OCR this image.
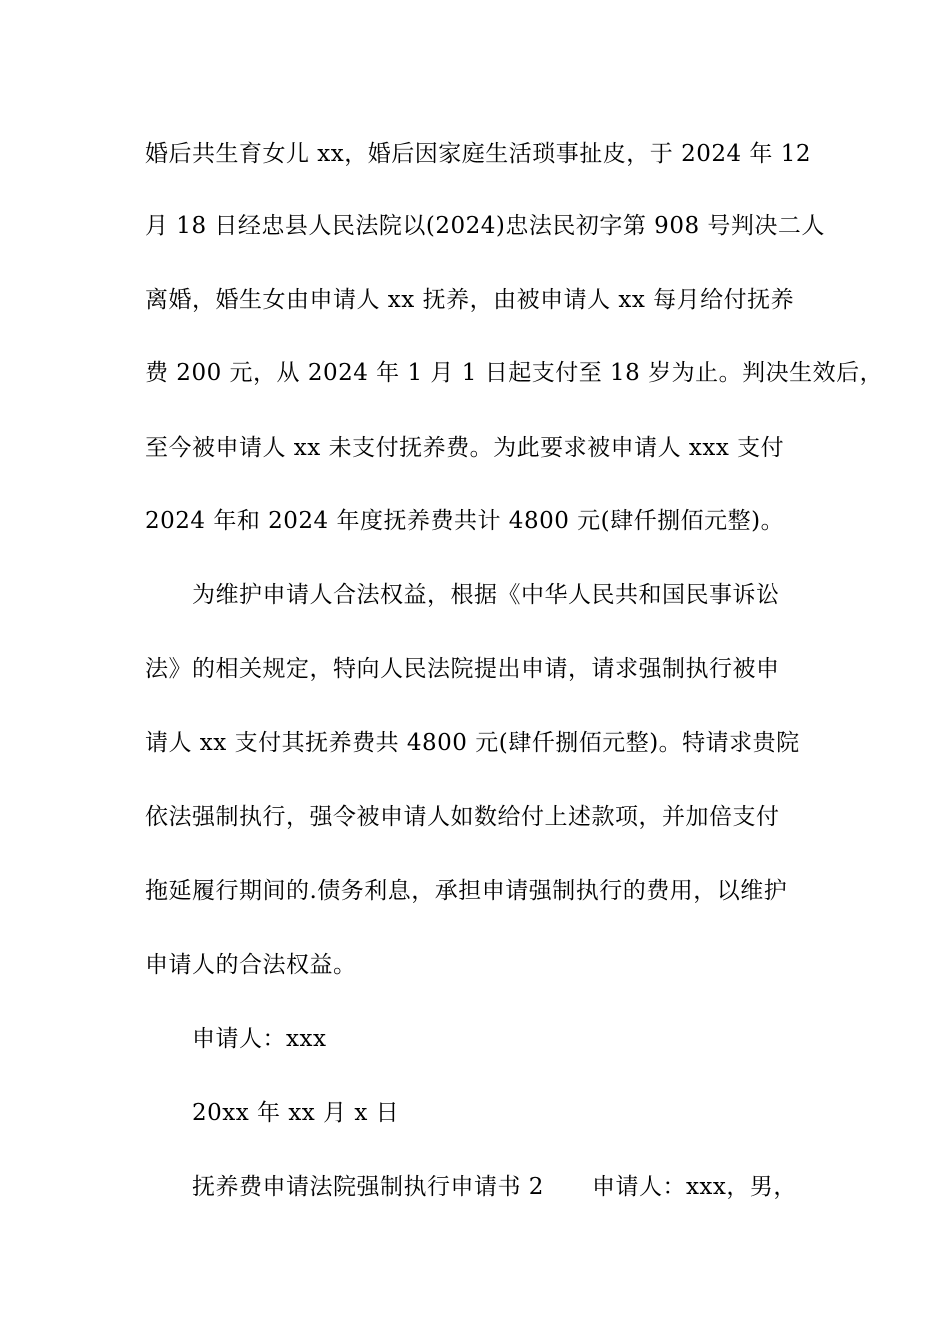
婚后共生育女儿 xx，婚后因家庭生活琐事扯皮，于 2024 年 12
月 18 日经忠县人民法院以(2024)忠法民初字第 908 号判决二人
离婚，婚生女由申请人 xx 抚养，由被申请人 xx 每月给付抚养
费 200 元，从 2024 年 1 月 1 日起支付至 18 岁为止。判决生效后，
至今被申请人 xx 未支付抚养费。为此要求被申请人 xxx 支付
2024 年和 2024 年度抚养费共计 4800 元(肆仟捌佰元整)。
为维护申请人合法权益，根据《中华人民共和国民事诉讼
法》的相关规定，特向人民法院提出申请，请求强制执行被申
请人 xx 支付其抚养费共 4800 元(肆仟捌佰元整)。特请求贵院
依法强制执行，强令被申请人如数给付上述款项，并加倍支付
拖延履行期间的.债务利息，承担申请强制执行的费用，以维护
申请人的合法权益。
申请人：xxx
20xx 年 xx 月 x 日
抚养费申请法院强制执行申请书 2 申请人：xxx，男，
